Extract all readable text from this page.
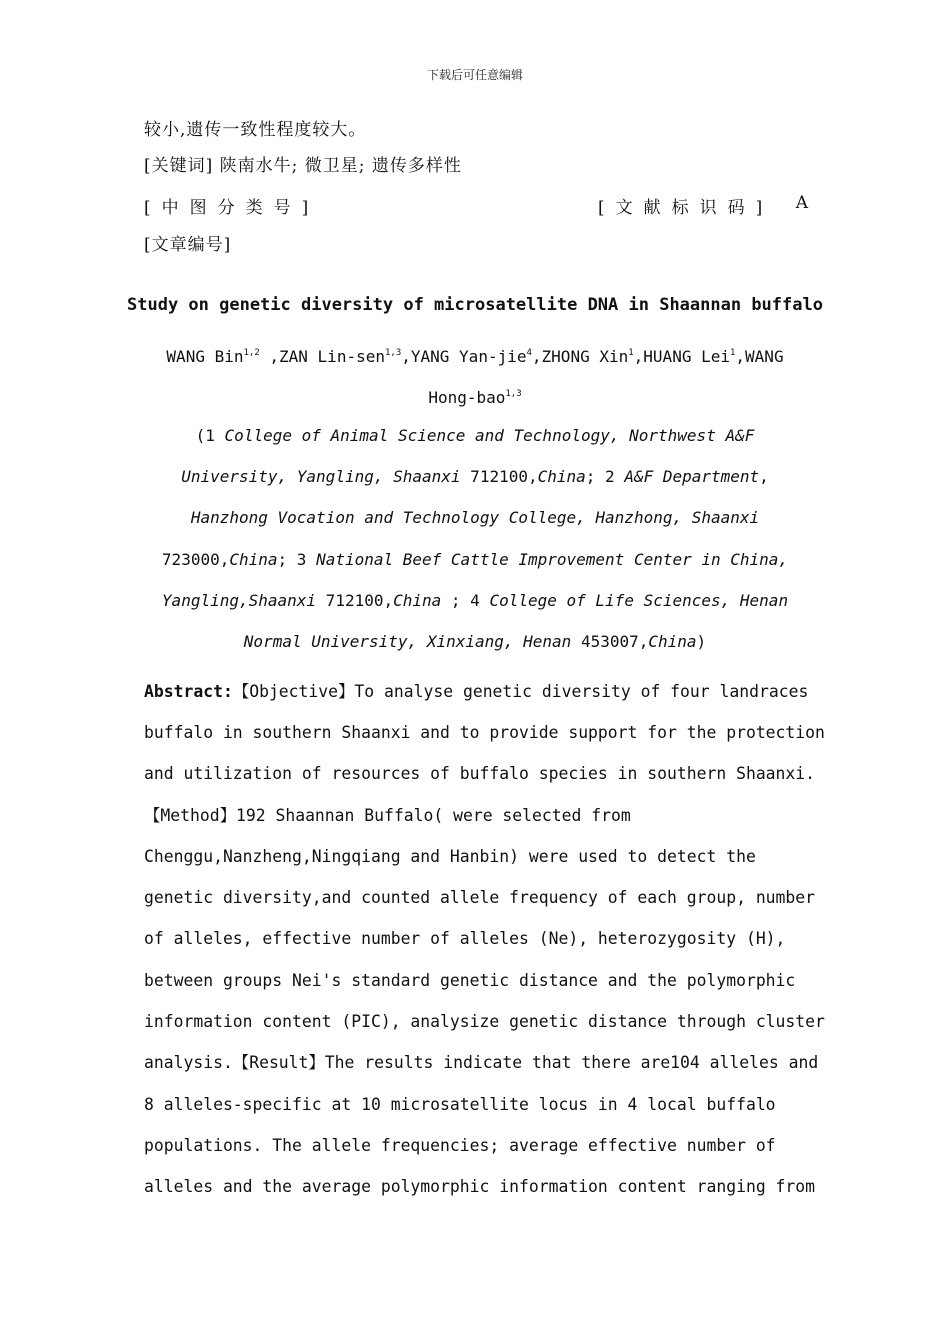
下载后可任意编辑
较小,遗传一致性程度较大。
[关键词] 陕南水牛; 微卫星; 遗传多样性
[中图分类号]	[文献标识码] A
[文章编号]
Study on genetic diversity of microsatellite DNA in Shaannan buffalo
WANG Bin$^{1,2}$ ,ZAN Lin-sen$^{1,3}$,YANG Yan-jie$^4$,ZHONG Xin$^1$,HUANG Lei$^1$,WANG
Hong-bao$^{1,3}$
(1 College of Animal Science and Technology, Northwest A&F
University, Yangling, Shaanxi 712100,China; 2 A&F Department,
Hanzhong Vocation and Technology College, Hanzhong, Shaanxi
723000,China; 3 National Beef Cattle Improvement Center in China,
Yangling,Shaanxi 712100,China ; 4 College of Life Sciences, Henan
Normal University, Xinxiang, Henan 453007,China)
Abstract:【Objective】To analyse genetic diversity of four landraces
buffalo in southern Shaanxi and to provide support for the protection
and utilization of resources of buffalo species in southern Shaanxi.
【Method】192 Shaannan Buffalo( were selected from
Chenggu,Nanzheng,Ningqiang and Hanbin) were used to detect the
genetic diversity,and counted allele frequency of each group, number
of alleles, effective number of alleles (Ne), heterozygosity (H),
between groups Nei's standard genetic distance and the polymorphic
information content (PIC), analysize genetic distance through cluster
analysis.【Result】The results indicate that there are104 alleles and
8 alleles-specific at 10 microsatellite locus in 4 local buffalo
populations. The allele frequencies; average effective number of
alleles and the average polymorphic information content ranging from
